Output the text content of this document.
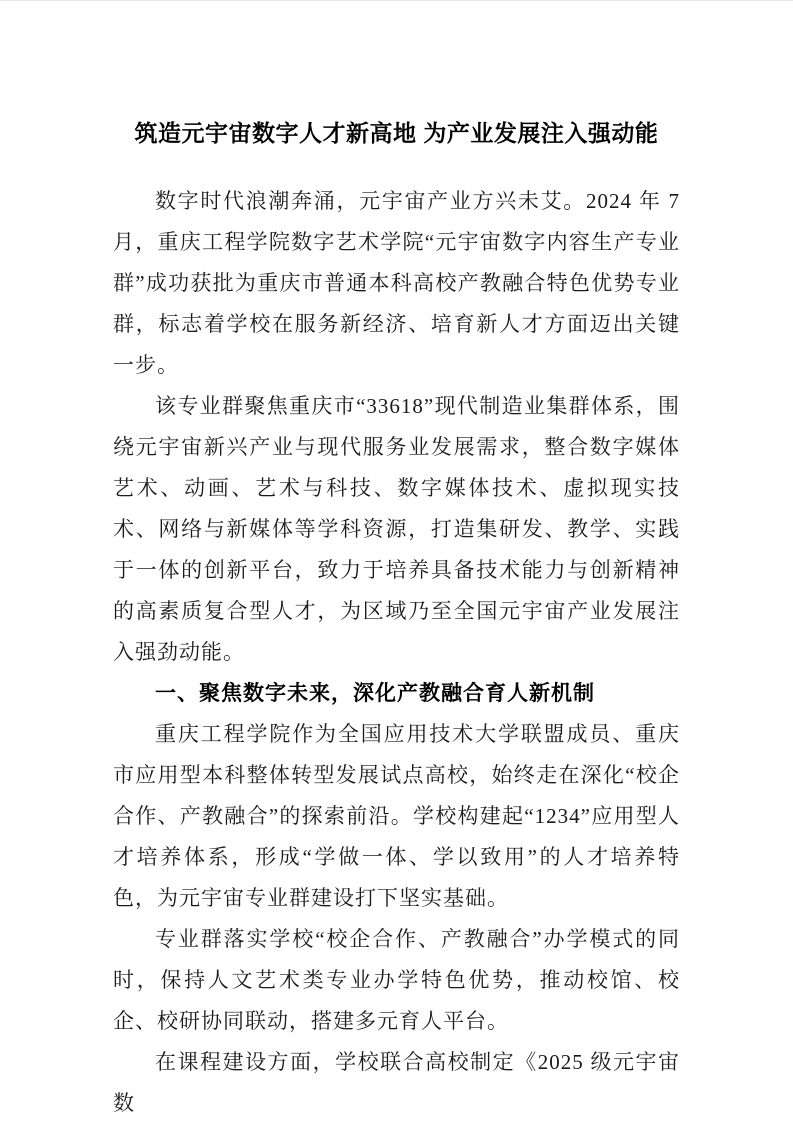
筑造元宇宙数字人才新高地 为产业发展注入强动能

数字时代浪潮奔涌，元宇宙产业方兴未艾。2024 年 7 月，重庆工程学院数字艺术学院“元宇宙数字内容生产专业群”成功获批为重庆市普通本科高校产教融合特色优势专业群，标志着学校在服务新经济、培育新人才方面迈出关键一步。

该专业群聚焦重庆市“33618”现代制造业集群体系，围绕元宇宙新兴产业与现代服务业发展需求，整合数字媒体艺术、动画、艺术与科技、数字媒体技术、虚拟现实技术、网络与新媒体等学科资源，打造集研发、教学、实践于一体的创新平台，致力于培养具备技术能力与创新精神的高素质复合型人才，为区域乃至全国元宇宙产业发展注入强劲动能。

一、聚焦数字未来，深化产教融合育人新机制

重庆工程学院作为全国应用技术大学联盟成员、重庆市应用型本科整体转型发展试点高校，始终走在深化“校企合作、产教融合”的探索前沿。学校构建起“1234”应用型人才培养体系，形成“学做一体、学以致用”的人才培养特色，为元宇宙专业群建设打下坚实基础。

专业群落实学校“校企合作、产教融合”办学模式的同时，保持人文艺术类专业办学特色优势，推动校馆、校企、校研协同联动，搭建多元育人平台。

在课程建设方面，学校联合高校制定《2025 级元宇宙数
